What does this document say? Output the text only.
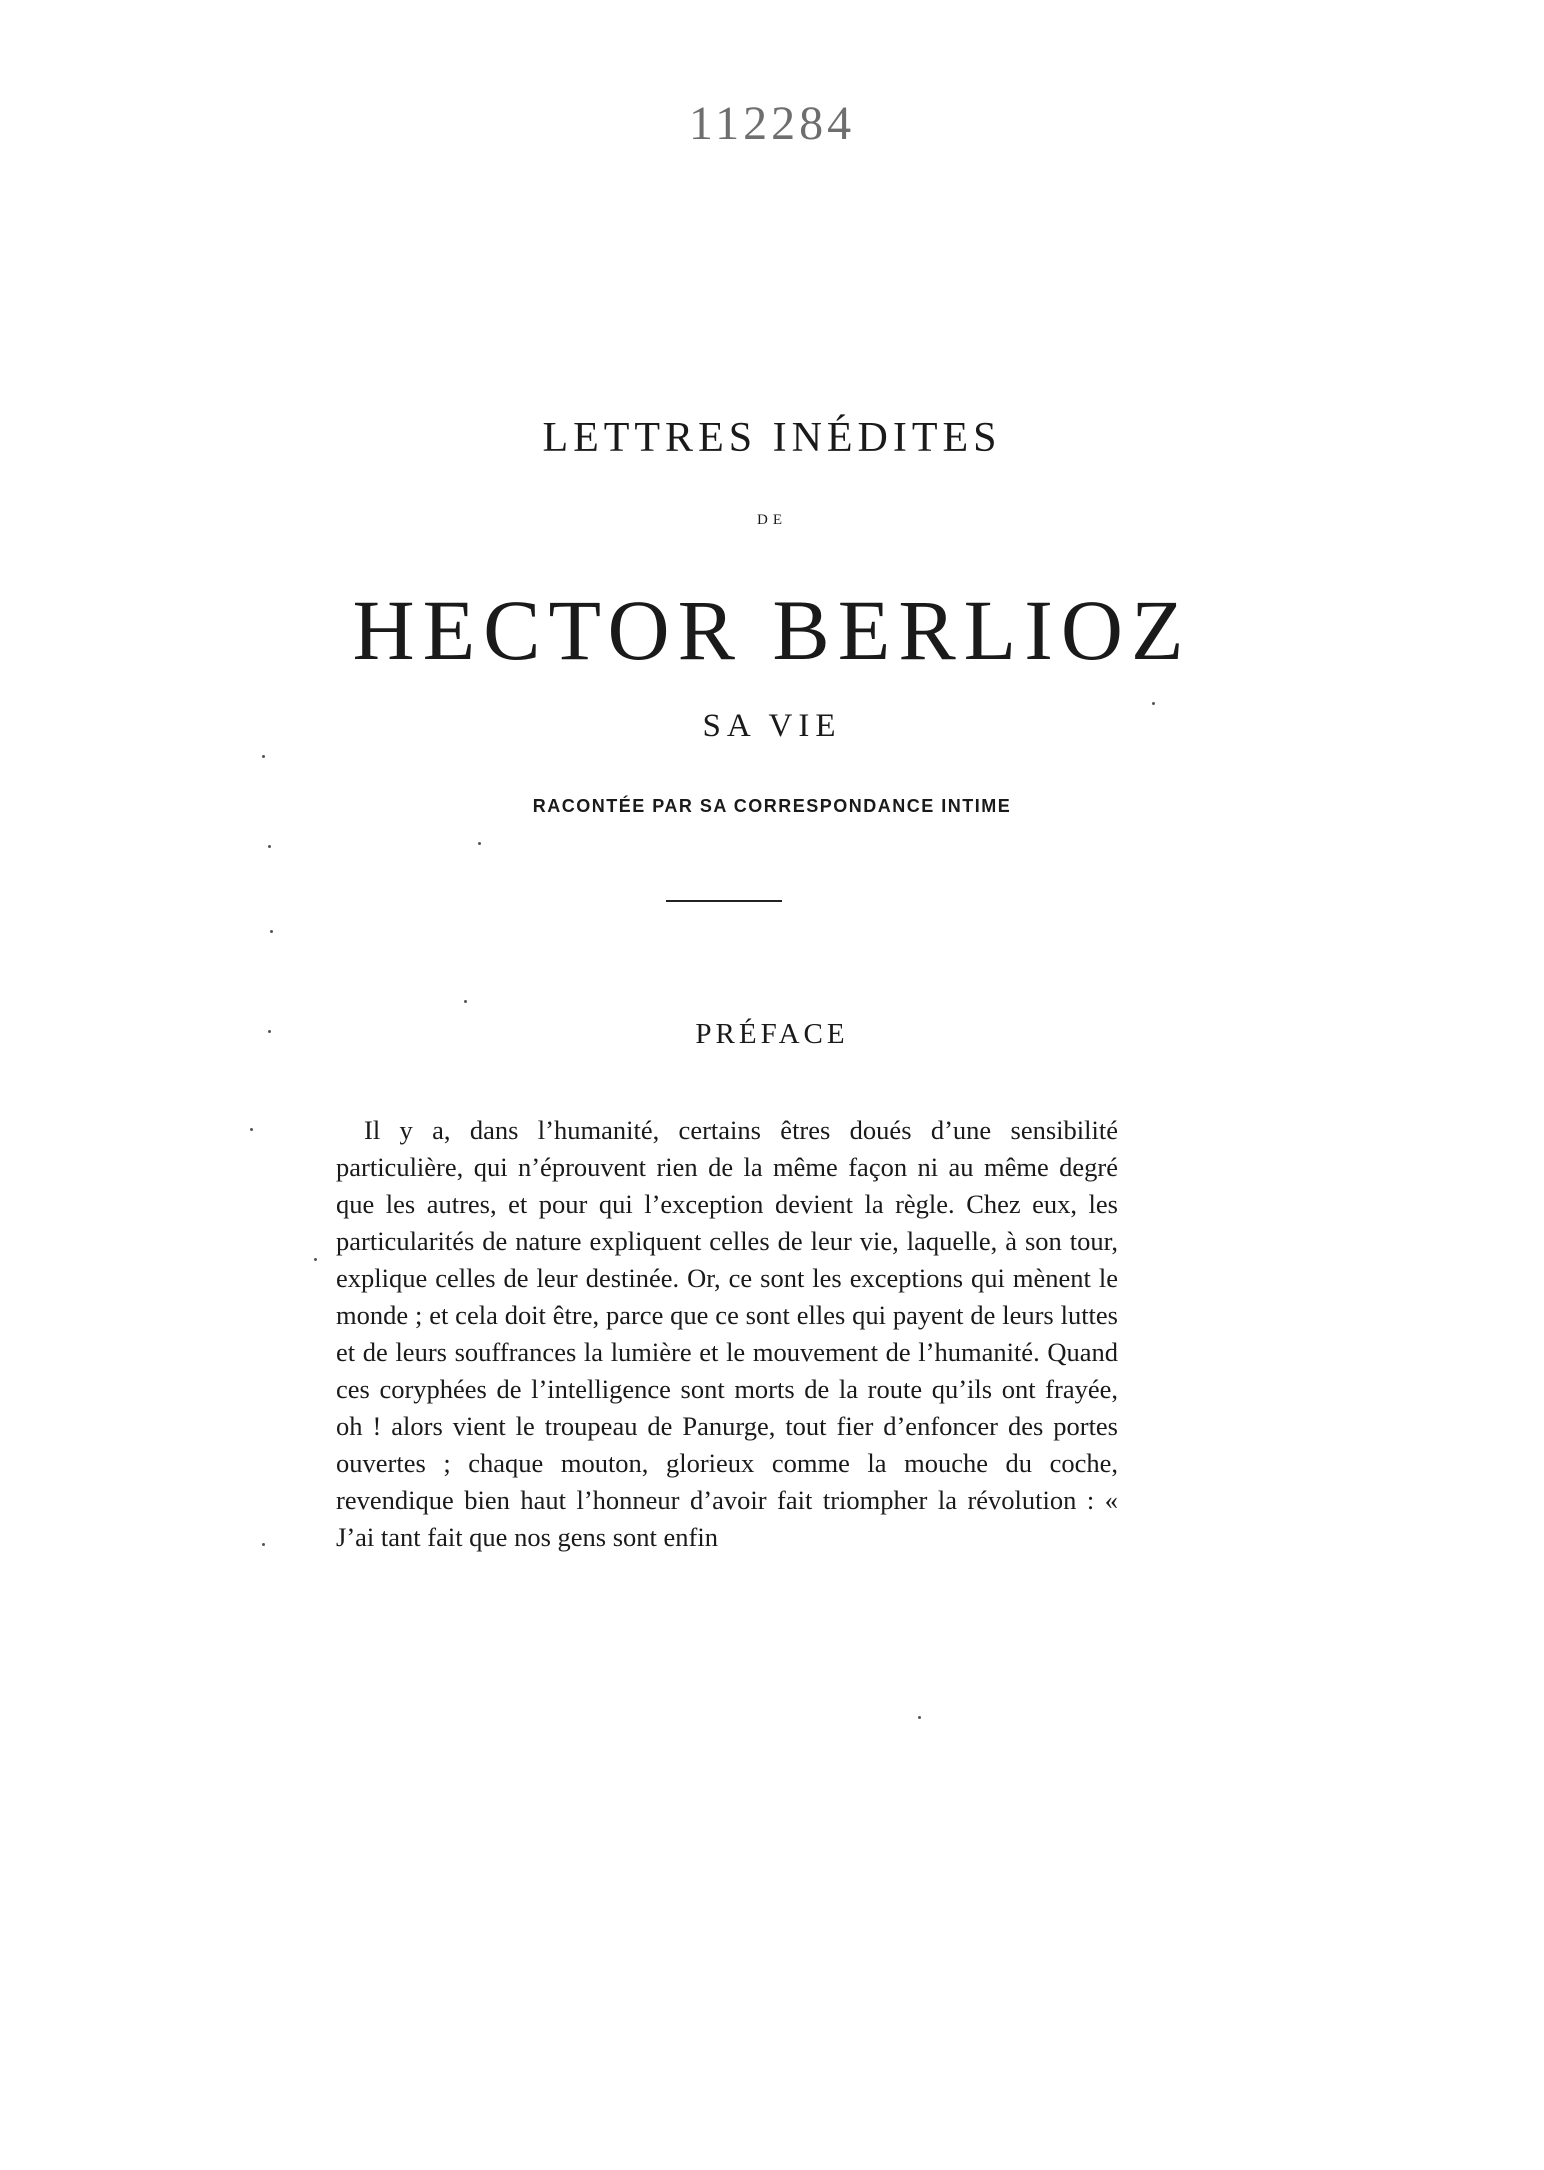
112284
LETTRES INÉDITES
DE
HECTOR BERLIOZ
SA VIE
RACONTÉE PAR SA CORRESPONDANCE INTIME
PRÉFACE

Il y a, dans l’humanité, certains êtres doués d’une sensibilité particulière, qui n’éprouvent rien de la même façon ni au même degré que les autres, et pour qui l’exception devient la règle. Chez eux, les particularités de nature expliquent celles de leur vie, laquelle, à son tour, explique celles de leur destinée. Or, ce sont les exceptions qui mènent le monde ; et cela doit être, parce que ce sont elles qui payent de leurs luttes et de leurs souffrances la lumière et le mouvement de l’humanité. Quand ces coryphées de l’intelligence sont morts de la route qu’ils ont frayée, oh ! alors vient le troupeau de Panurge, tout fier d’enfoncer des portes ouvertes ; chaque mouton, glorieux comme la mouche du coche, revendique bien haut l’honneur d’avoir fait triompher la révolution : « J’ai tant fait que nos gens sont enfin
